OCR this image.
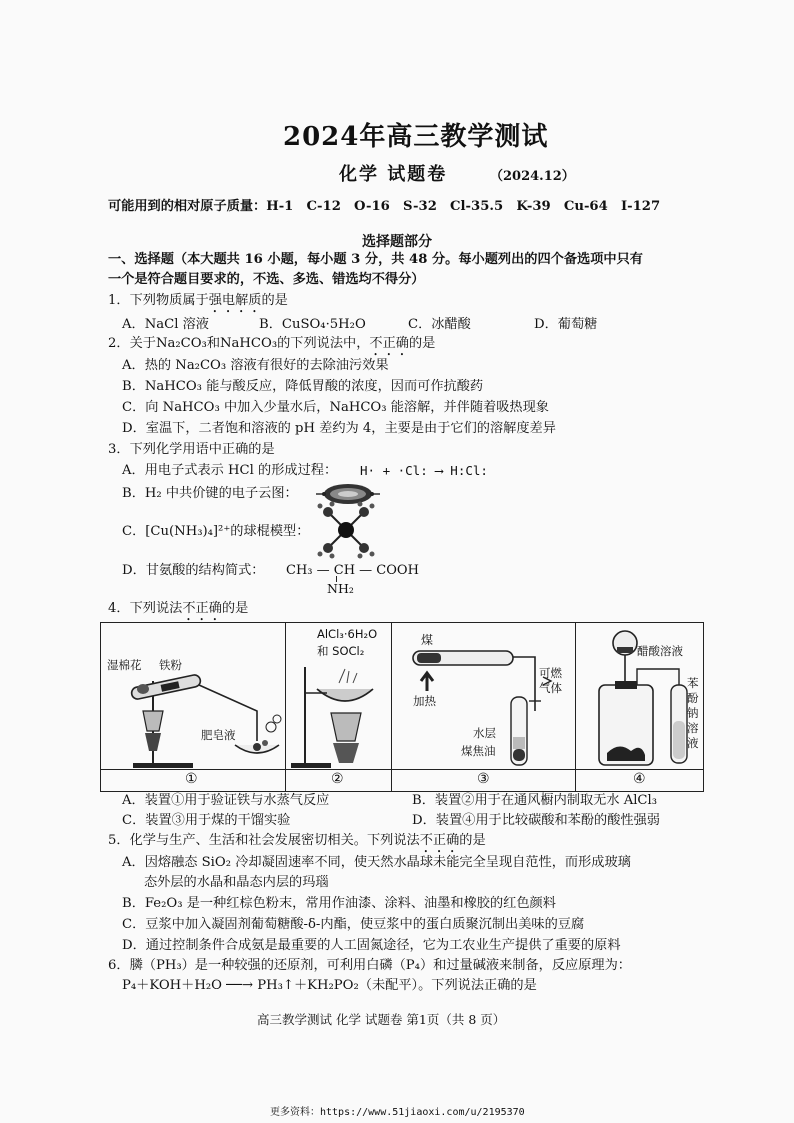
2024年高三教学测试
化学 试题卷	（2024.12）
可能用到的相对原子质量：H-1　C-12　O-16　S-32　Cl-35.5　K-39　Cu-64　I-127
选择题部分
一、选择题（本大题共 16 小题，每小题 3 分，共 48 分。每小题列出的四个备选项中只有
一个是符合题目要求的，不选、多选、错选均不得分）
1．下列物质属于强电解质的是
A．NaCl 溶液	B．CuSO₄·5H₂O	C．冰醋酸	D．葡萄糖
2．关于Na₂CO₃和NaHCO₃的下列说法中，不正确的是
A．热的 Na₂CO₃ 溶液有很好的去除油污效果
B．NaHCO₃ 能与酸反应，降低胃酸的浓度，因而可作抗酸药
C．向 NaHCO₃ 中加入少量水后，NaHCO₃ 能溶解，并伴随着吸热现象
D．室温下，二者饱和溶液的 pH 差约为 4，主要是由于它们的溶解度差异
3．下列化学用语中正确的是
A．用电子式表示 HCl 的形成过程： H· + ·Cl: ⟶ H:Cl:
B．H₂ 中共价键的电子云图：
C．[Cu(NH₃)₄]²⁺的球棍模型：
D．甘氨酸的结构简式： CH₃ — CH — COOH
NH₂
4．下列说法不正确的是
湿棉花 铁粉
肥皂液
AlCl₃·6H₂O
和 SOCl₂
煤
加热
可燃
气体
水层
煤焦油
醋酸溶液
苯
酚
钠
溶
液
①	②	③	④
A．装置①用于验证铁与水蒸气反应	B．装置②用于在通风橱内制取无水 AlCl₃
C．装置③用于煤的干馏实验	D．装置④用于比较碳酸和苯酚的酸性强弱
5．化学与生产、生活和社会发展密切相关。下列说法不正确的是
A．因熔融态 SiO₂ 冷却凝固速率不同，使天然水晶球未能完全呈现自范性，而形成玻璃
态外层的水晶和晶态内层的玛瑙
B．Fe₂O₃ 是一种红棕色粉末，常用作油漆、涂料、油墨和橡胶的红色颜料
C．豆浆中加入凝固剂葡萄糖酸-δ-内酯，使豆浆中的蛋白质聚沉制出美味的豆腐
D．通过控制条件合成氨是最重要的人工固氮途径，它为工农业生产提供了重要的原料
6．膦（PH₃）是一种较强的还原剂，可利用白磷（P₄）和过量碱液来制备，反应原理为：
P₄＋KOH＋H₂O ──→ PH₃↑＋KH₂PO₂（未配平）。下列说法正确的是
高三教学测试 化学 试题卷 第1页（共 8 页）
更多资料：https://www.51jiaoxi.com/u/2195370
